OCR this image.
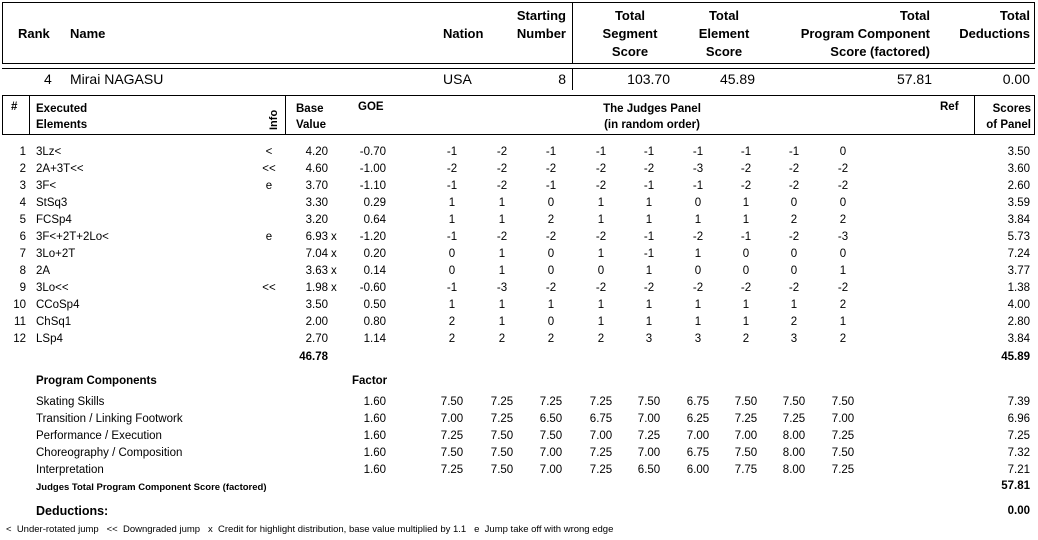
Rank Name	Nation
Starting
Number
Total
Segment
Score
Total
Element
Score
Total
Program Component
Score (factored)
Total
Deductions
4 Mirai NAGASU	USA	8	103.70	45.89	57.81	0.00
# Executed
Elements	Info
Base
Value
GOE	The Judges Panel
(in random order)
Ref	Scores
of Panel
1 3Lz<	<	4.20	-0.70	-1	-2	-1	-1	-1	-1	-1	-1	0	3.50
2 2A+3T<<	<<	4.60	-1.00	-2	-2	-2	-2	-2	-3	-2	-2	-2	3.60
3 3F<	e	3.70	-1.10	-1	-2	-1	-2	-1	-1	-2	-2	-2	2.60
4 StSq3	3.30	0.29	1	1	0	1	1	0	1	0	0	3.59
5 FCSp4	3.20	0.64	1	1	2	1	1	1	1	2	2	3.84
6 3F<+2T+2Lo<	e	6.93 x	-1.20	-1	-2	-2	-2	-1	-2	-1	-2	-3	5.73
7 3Lo+2T	7.04 x	0.20	0	1	0	1	-1	1	0	0	0	7.24
8 2A	3.63 x	0.14	0	1	0	0	1	0	0	0	1	3.77
9 3Lo<<	<<	1.98 x	-0.60	-1	-3	-2	-2	-2	-2	-2	-2	-2	1.38
10 CCoSp4	3.50	0.50	1	1	1	1	1	1	1	1	2	4.00
11 ChSq1	2.00	0.80	2	1	0	1	1	1	1	2	1	2.80
12 LSp4	2.70	1.14	2	2	2	2	3	3	2	3	2	3.84
46.78	45.89
Program Components	Factor
Skating Skills	1.60	7.50	7.25	7.25	7.25	7.50	6.75	7.50	7.50	7.50	7.39
Transition / Linking Footwork	1.60	7.00	7.25	6.50	6.75	7.00	6.25	7.25	7.25	7.00	6.96
Performance / Execution	1.60	7.25	7.50	7.50	7.00	7.25	7.00	7.00	8.00	7.25	7.25
Choreography / Composition	1.60	7.50	7.50	7.00	7.25	7.00	6.75	7.50	8.00	7.50	7.32
Interpretation	1.60	7.25	7.50	7.00	7.25	6.50	6.00	7.75	8.00	7.25	7.21
Judges Total Program Component Score (factored)	57.81
Deductions:	0.00
<  Under-rotated jump   <<  Downgraded jump   x  Credit for highlight distribution, base value multiplied by 1.1   e  Jump take off with wrong edge
